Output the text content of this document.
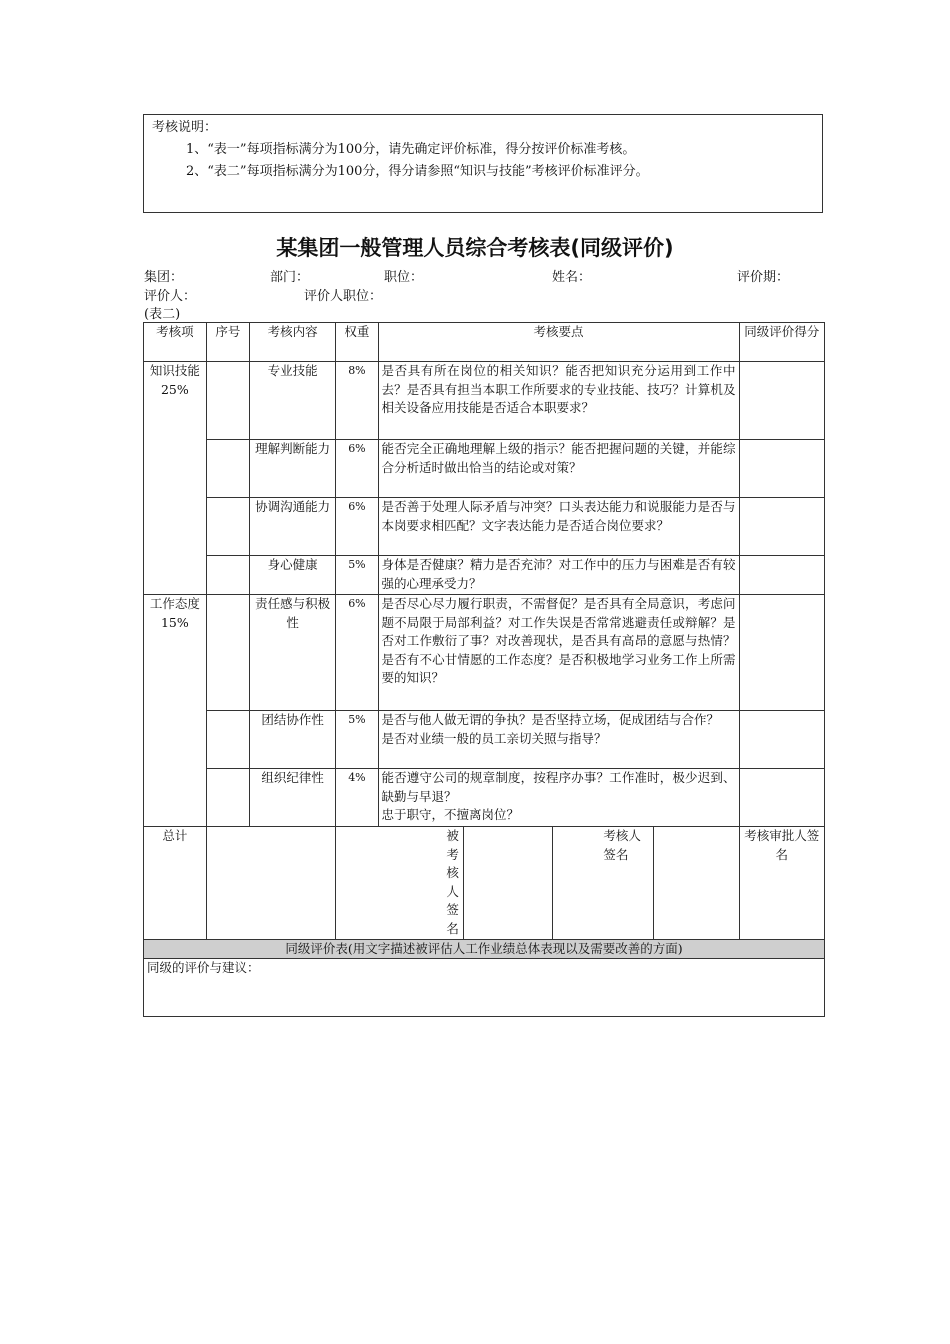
考核说明：
1、“表一”每项指标满分为100分，请先确定评价标准，得分按评价标准考核。
2、“表二”每项指标满分为100分，得分请参照“知识与技能”考核评价标准评分。
某集团一般管理人员综合考核表(同级评价)
集团：	部门：	职位：	姓名：	评价期：
评价人：	评价人职位：
(表二)
考核项	序号	考核内容	权重	考核要点				同级评价得分
知识技能25%		专业技能	8%	是否具有所在岗位的相关知识？能否把知识充分运用到工作中去？是否具有担当本职工作所要求的专业技能、技巧？计算机及相关设备应用技能是否适合本职要求？				
		理解判断能力	6%	能否完全正确地理解上级的指示？能否把握问题的关键，并能综合分析适时做出恰当的结论或对策？				
		协调沟通能力	6%	是否善于处理人际矛盾与冲突？口头表达能力和说服能力是否与本岗要求相匹配？文字表达能力是否适合岗位要求？				
		身心健康	5%	身体是否健康？精力是否充沛？对工作中的压力与困难是否有较强的心理承受力？				
工作态度15%		责任感与积极性	6%	是否尽心尽力履行职责，不需督促？是否具有全局意识，考虑问题不局限于局部利益？对工作失误是否常常逃避责任或辩解？是否对工作敷衍了事？对改善现状，是否具有高昂的意愿与热情？是否有不心甘情愿的工作态度？是否积极地学习业务工作上所需要的知识？				
		团结协作性	5%	是否与他人做无谓的争执？是否坚持立场，促成团结与合作？
是否对业绩一般的员工亲切关照与指导？				
		组织纪律性	4%	能否遵守公司的规章制度，按程序办事？工作准时，极少迟到、缺勤与早退？
忠于职守，不擅离岗位？				
总计			被考核人签名			考核人签名		考核审批人签名
同级评价表(用文字描述被评估人工作业绩总体表现以及需要改善的方面)								
同级的评价与建议：								
